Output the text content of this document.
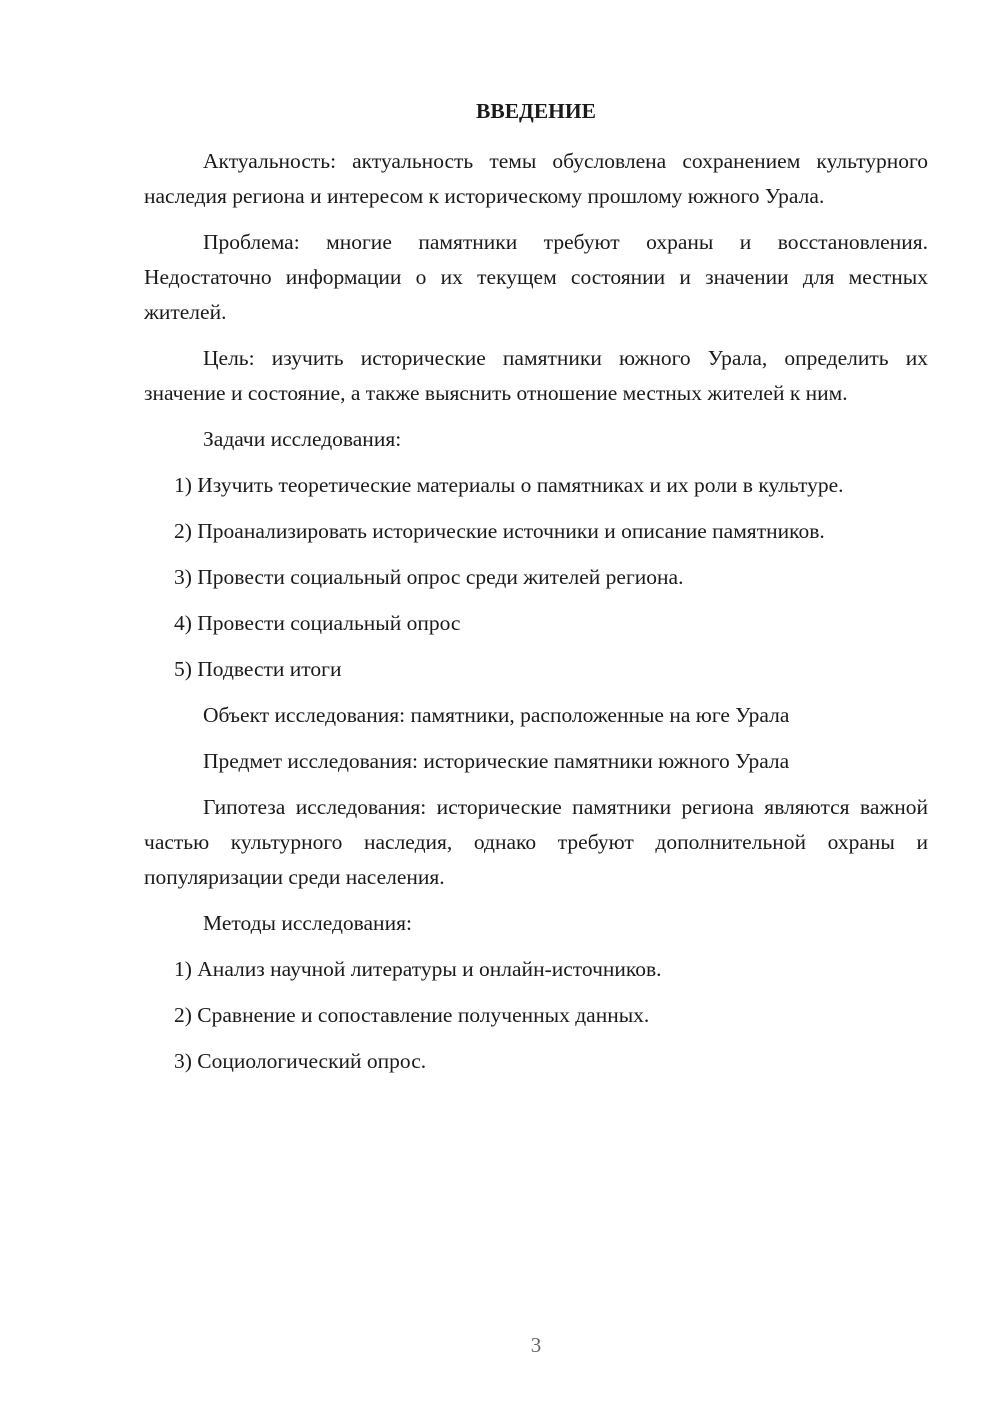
ВВЕДЕНИЕ

Актуальность: актуальность темы обусловлена сохранением культурного наследия региона и интересом к историческому прошлому южного Урала.

Проблема: многие памятники требуют охраны и восстановления. Недостаточно информации о их текущем состоянии и значении для местных жителей.

Цель: изучить исторические памятники южного Урала, определить их значение и состояние, а также выяснить отношение местных жителей к ним.

Задачи исследования:

1) Изучить теоретические материалы о памятниках и их роли в культуре.

2) Проанализировать исторические источники и описание памятников.

3) Провести социальный опрос среди жителей региона.

4) Провести социальный опрос

5) Подвести итоги

Объект исследования: памятники, расположенные на юге Урала

Предмет исследования: исторические памятники южного Урала

Гипотеза исследования: исторические памятники региона являются важной частью культурного наследия, однако требуют дополнительной охраны и популяризации среди населения.

Методы исследования:

1) Анализ научной литературы и онлайн-источников.

2) Сравнение и сопоставление полученных данных.

3) Социологический опрос.

3
